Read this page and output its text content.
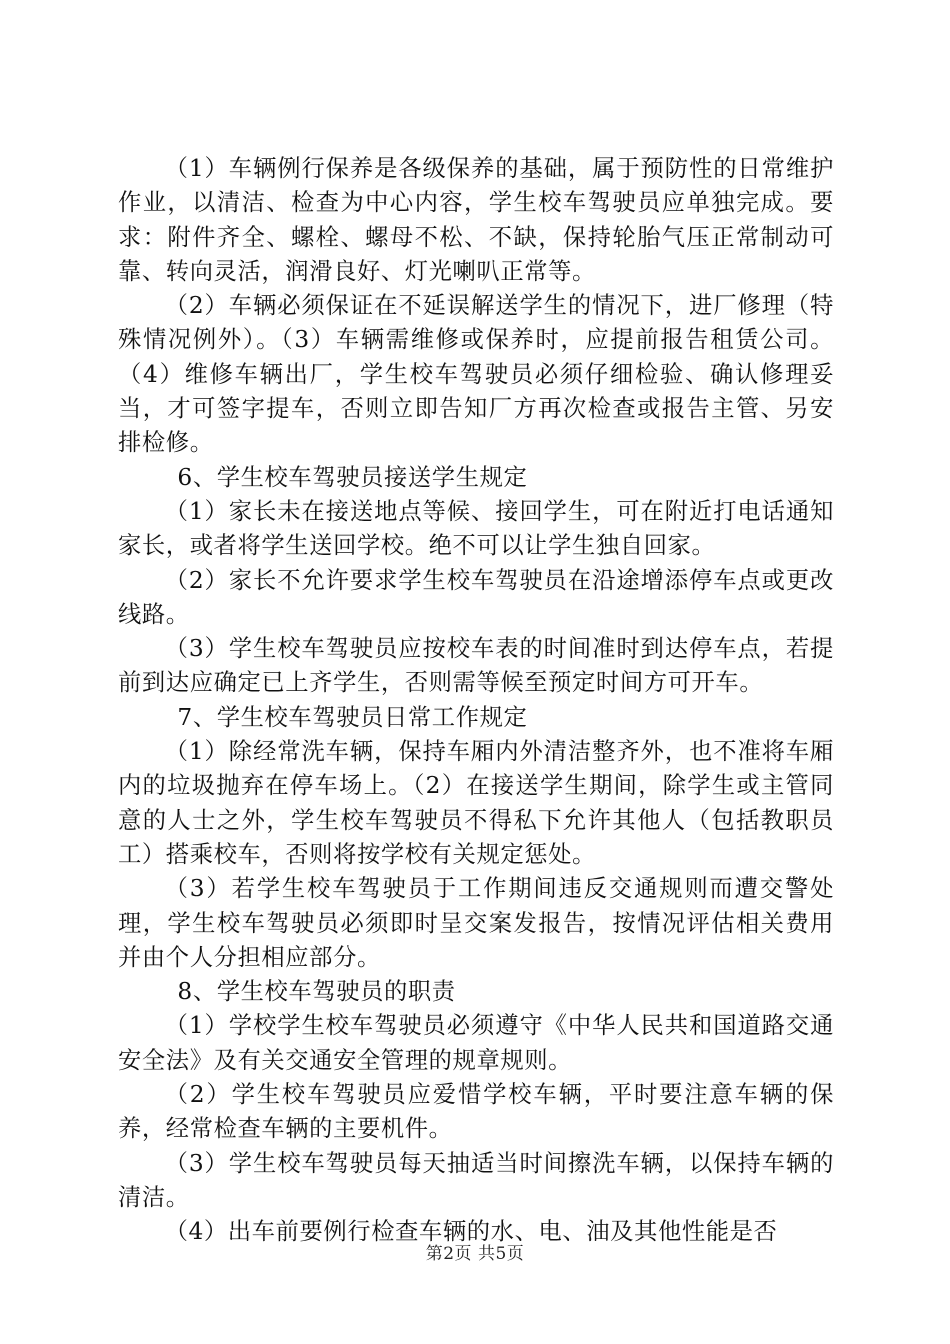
（1）车辆例行保养是各级保养的基础，属于预防性的日常维护作业，以清洁、检查为中心内容，学生校车驾驶员应单独完成。要求：附件齐全、螺栓、螺母不松、不缺，保持轮胎气压正常制动可靠、转向灵活，润滑良好、灯光喇叭正常等。

（2）车辆必须保证在不延误解送学生的情况下，进厂修理（特殊情况例外）。（3）车辆需维修或保养时，应提前报告租赁公司。（4）维修车辆出厂，学生校车驾驶员必须仔细检验、确认修理妥当，才可签字提车，否则立即告知厂方再次检查或报告主管、另安排检修。

6、学生校车驾驶员接送学生规定

（1）家长未在接送地点等候、接回学生，可在附近打电话通知家长，或者将学生送回学校。绝不可以让学生独自回家。

（2）家长不允许要求学生校车驾驶员在沿途增添停车点或更改线路。

（3）学生校车驾驶员应按校车表的时间准时到达停车点，若提前到达应确定已上齐学生，否则需等候至预定时间方可开车。

7、学生校车驾驶员日常工作规定

（1）除经常洗车辆，保持车厢内外清洁整齐外，也不准将车厢内的垃圾抛弃在停车场上。（2）在接送学生期间，除学生或主管同意的人士之外，学生校车驾驶员不得私下允许其他人（包括教职员工）搭乘校车，否则将按学校有关规定惩处。

（3）若学生校车驾驶员于工作期间违反交通规则而遭交警处理，学生校车驾驶员必须即时呈交案发报告，按情况评估相关费用并由个人分担相应部分。

8、学生校车驾驶员的职责

（1）学校学生校车驾驶员必须遵守《中华人民共和国道路交通安全法》及有关交通安全管理的规章规则。

（2）学生校车驾驶员应爱惜学校车辆，平时要注意车辆的保养，经常检查车辆的主要机件。

（3）学生校车驾驶员每天抽适当时间擦洗车辆，以保持车辆的清洁。

（4）出车前要例行检查车辆的水、电、油及其他性能是否

第2页 共5页
